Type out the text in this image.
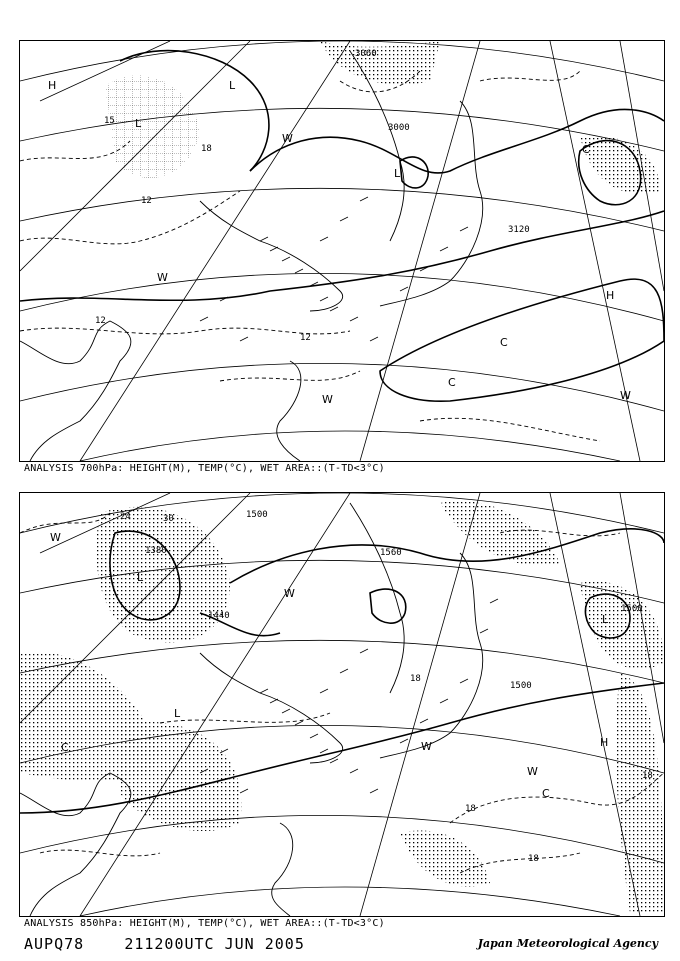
3000
3120
12
12
12
15
18
3060
H
H
L
L
L
C
C
C
W
W
W	W
ANALYSIS 700hPa: HEIGHT(M), TEMP(°C), WET AREA::(T-TD<3°C)
1500
1560
1500
1380
1440
1500
18
18
18
18
24	30
L
L
L
H
W
W
W
W
C
C
ANALYSIS 850hPa: HEIGHT(M), TEMP(°C), WET AREA::(T-TD<3°C)
AUPQ78	211200UTC JUN 2005	Japan Meteorological Agency
